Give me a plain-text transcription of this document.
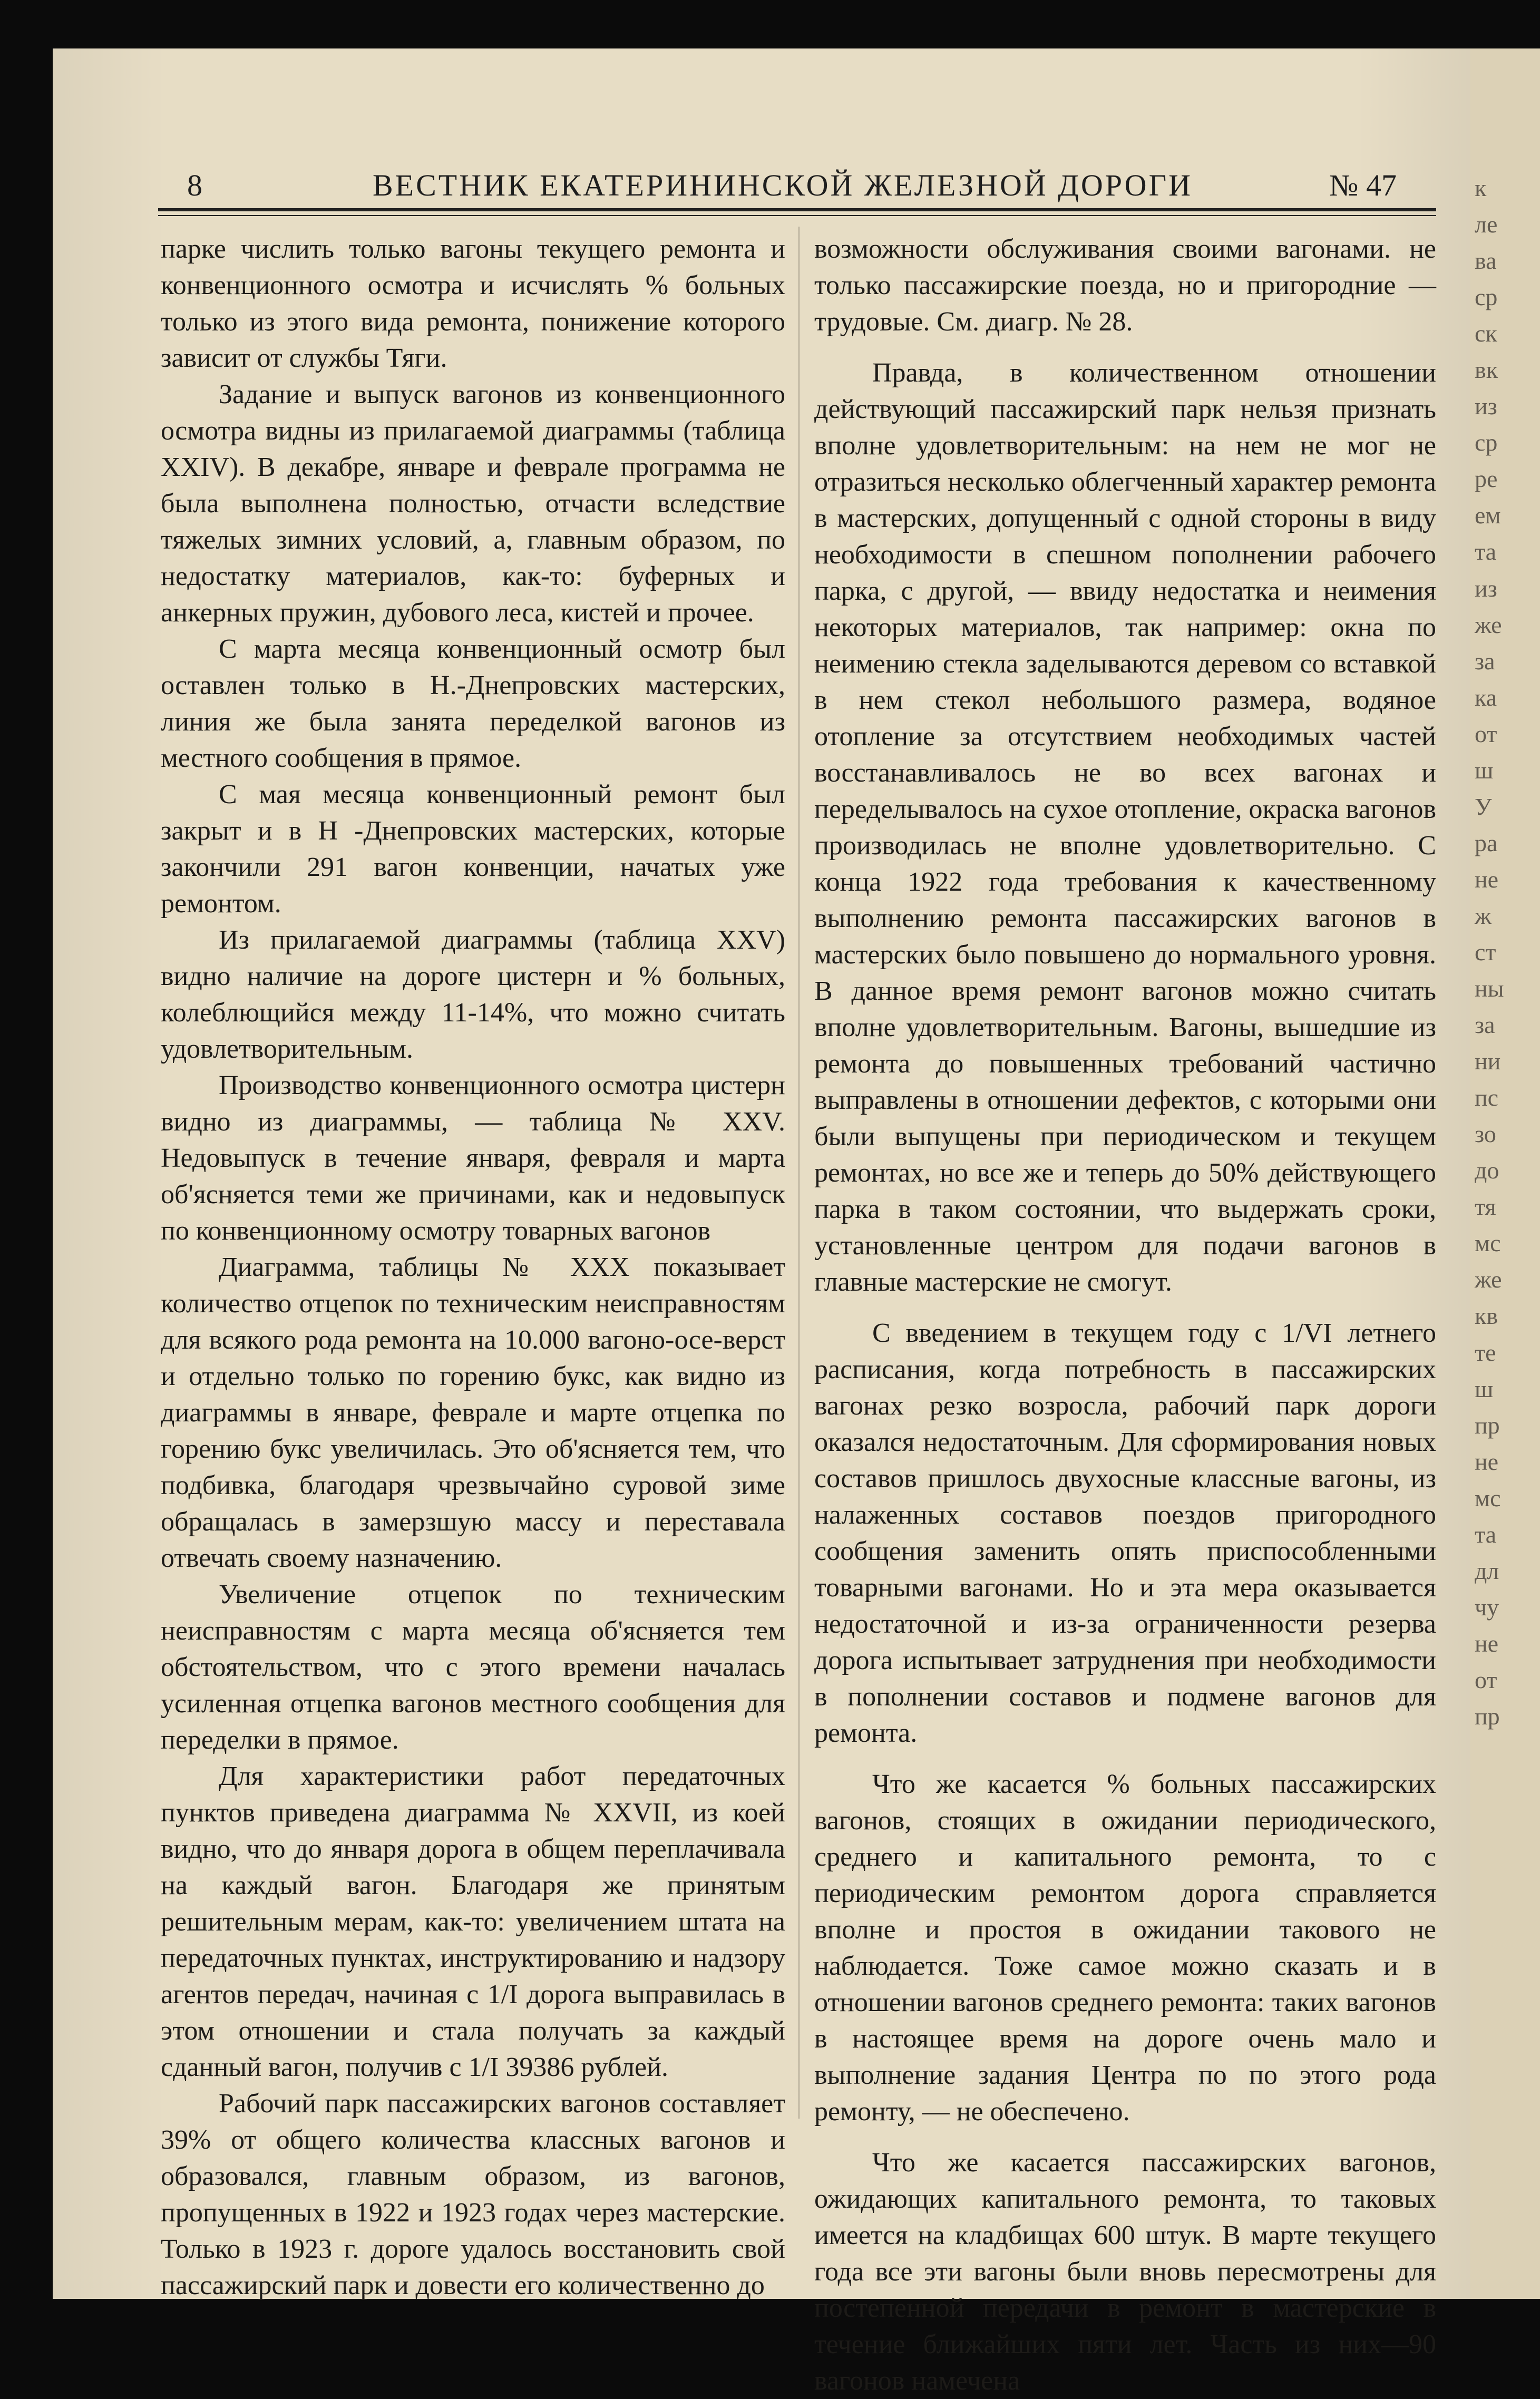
к
ле
ва
ср
ск
вк
из
ср
ре
ем
та
из
же
за
ка
от
ш
У
ра
не
ж
ст
ны
за
ни
пс
зо
до
тя
мс
же
кв
те
ш
пр
не
мс
та
дл
чу
не
от
пр
8	ВЕСТНИК ЕКАТЕРИНИНСКОЙ ЖЕЛЕЗНОЙ ДОРОГИ	№ 47

парке числить только вагоны текущего ремонта и конвенционного осмотра и исчислять % больных только из этого вида ремонта, понижение которого зависит от службы Тяги.

Задание и выпуск вагонов из конвенционного осмотра видны из прилагаемой диаграммы (таблица XXIV). В декабре, январе и феврале программа не была выполнена полностью, отчасти вследствие тяжелых зимних условий, а, главным образом, по недостатку материалов, как-то: буферных и анкерных пружин, дубового леса, кистей и прочее.

С марта месяца конвенционный осмотр был оставлен только в Н.-Днепровских мастерских, линия же была занята переделкой вагонов из местного сообщения в прямое.

С мая месяца конвенционный ремонт был закрыт и в Н -Днепровских мастерских, которые закончили 291 вагон конвенции, начатых уже ремонтом.

Из прилагаемой диаграммы (таблица XXV) видно наличие на дороге цистерн и % больных, колеблющийся между 11-14%, что можно считать удовлетворительным.

Производство конвенционного осмотра цистерн видно из диаграммы, — таблица № XXV. Недовыпуск в течение января, февраля и марта об'ясняется теми же причинами, как и недовыпуск по конвенционному осмотру товарных вагонов

Диаграмма, таблицы № XXX показывает количество отцепок по техническим неисправностям для всякого рода ремонта на 10.000 вагоно-осе-верст и отдельно только по горению букс, как видно из диаграммы в январе, феврале и марте отцепка по горению букс увеличилась. Это об'ясняется тем, что подбивка, благодаря чрезвычайно суровой зиме обращалась в замерзшую массу и переставала отвечать своему назначению.

Увеличение отцепок по техническим неисправностям с марта месяца об'ясняется тем обстоятельством, что с этого времени началась усиленная отцепка вагонов местного сообщения для переделки в прямое.

Для характеристики работ передаточных пунктов приведена диаграмма № XXVII, из коей видно, что до января дорога в общем переплачивала на каждый вагон. Благодаря же принятым решительным мерам, как-то: увеличением штата на передаточных пунктах, инструктированию и надзору агентов передач, начиная с 1/I дорога выправилась в этом отношении и стала получать за каждый сданный вагон, получив с 1/I 39386 рублей.

Рабочий парк пассажирских вагонов составляет 39% от общего количества классных вагонов и образовался, главным образом, из вагонов, пропущенных в 1922 и 1923 годах через мастерские. Только в 1923 г. дороге удалось восстановить свой пассажирский парк и довести его количественно до

возможности обслуживания своими вагонами. не только пассажирские поезда, но и пригородние — трудовые. См. диагр. № 28.

Правда, в количественном отношении действующий пассажирский парк нельзя признать вполне удовлетворительным: на нем не мог не отразиться несколько облегченный характер ремонта в мастерских, допущенный с одной стороны в виду необходимости в спешном пополнении рабочего парка, с другой, — ввиду недостатка и неимения некоторых материалов, так например: окна по неимению стекла заделываются деревом со вставкой в нем стекол небольшого размера, водяное отопление за отсутствием необходимых частей восстанавливалось не во всех вагонах и переделывалось на сухое отопление, окраска вагонов производилась не вполне удовлетворительно. С конца 1922 года требования к качественному выполнению ремонта пассажирских вагонов в мастерских было повышено до нормального уровня. В данное время ремонт вагонов можно считать вполне удовлетворительным. Вагоны, вышедшие из ремонта до повышенных требований частично выправлены в отношении дефектов, с которыми они были выпущены при периодическом и текущем ремонтах, но все же и теперь до 50% действующего парка в таком состоянии, что выдержать сроки, установленные центром для подачи вагонов в главные мастерские не смогут.

С введением в текущем году с 1/VI летнего расписания, когда потребность в пассажирских вагонах резко возросла, рабочий парк дороги оказался недостаточным. Для сформирования новых составов пришлось двухосные классные вагоны, из налаженных составов поездов пригородного сообщения заменить опять приспособленными товарными вагонами. Но и эта мера оказывается недостаточной и из-за ограниченности резерва дорога испытывает затруднения при необходимости в пополнении составов и подмене вагонов для ремонта.

Что же касается % больных пассажирских вагонов, стоящих в ожидании периодического, среднего и капитального ремонта, то с периодическим ремонтом дорога справляется вполне и простоя в ожидании такового не наблюдается. Тоже самое можно сказать и в отношении вагонов среднего ремонта: таких вагонов в настоящее время на дороге очень мало и выполнение задания Центра по по этого рода ремонту, — не обеспечено.

Что же касается пассажирских вагонов, ожидающих капитального ремонта, то таковых имеется на кладбищах 600 штук. В марте текущего года все эти вагоны были вновь пересмотрены для постепенной передачи в ремонт в мастерские в течение ближайших пяти лет. Часть из них—90 вагонов намечена
